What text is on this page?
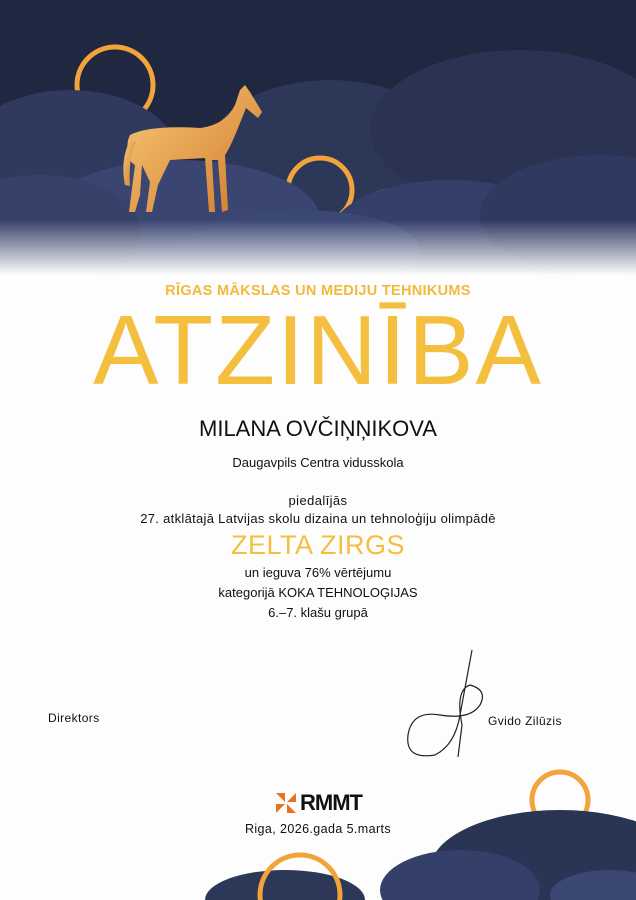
RĪGAS MĀKSLAS UN MEDIJU TEHNIKUMS
ATZINĪBA
MILANA OVČIŅŅIKOVA
Daugavpils Centra vidusskola
piedalījās
27. atklātajā Latvijas skolu dizaina un tehnoloģiju olimpādē
ZELTA ZIRGS
un ieguva 76% vērtējumu
kategorijā KOKA TEHNOLOĢIJAS
6.–7. klašu grupā
Direktors	Gvido Zilūzis
RMMT
Riga, 2026.gada 5.marts
